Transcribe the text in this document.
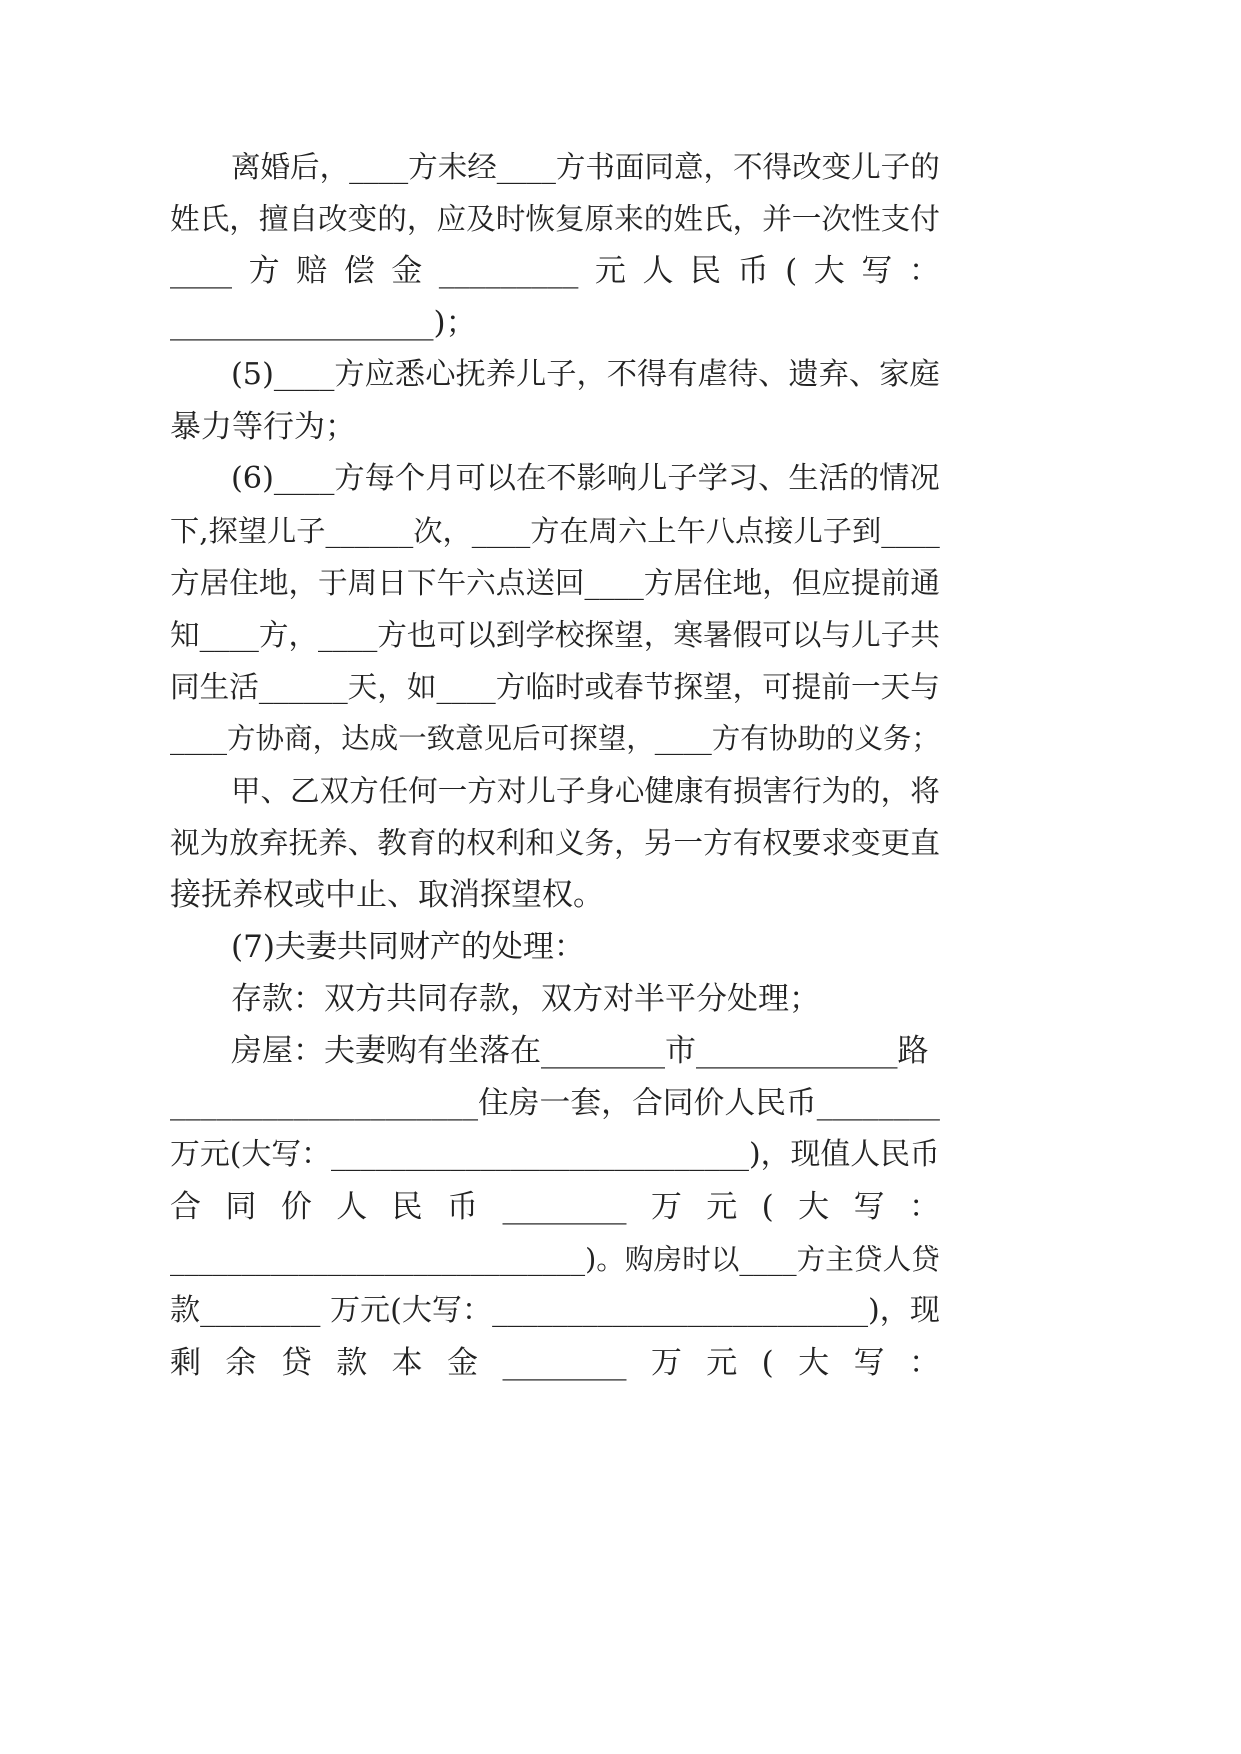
离婚后，____方未经____方书面同意，不得改变儿子的
姓氏，擅自改变的，应及时恢复原来的姓氏，并一次性支付
____ 方 赔 偿 金 _________ 元 人 民 币 ( 大 写 ：
_________________)；
(5)____方应悉心抚养儿子，不得有虐待、遗弃、家庭
暴力等行为；
(6)____方每个月可以在不影响儿子学习、生活的情况
下,探望儿子______次，____方在周六上午八点接儿子到____
方居住地，于周日下午六点送回____方居住地，但应提前通
知____方，____方也可以到学校探望，寒暑假可以与儿子共
同生活______天，如____方临时或春节探望，可提前一天与
____方协商，达成一致意见后可探望，____方有协助的义务；
甲、乙双方任何一方对儿子身心健康有损害行为的，将
视为放弃抚养、教育的权利和义务，另一方有权要求变更直
接抚养权或中止、取消探望权。
(7)夫妻共同财产的处理：
存款：双方共同存款，双方对半平分处理；
房屋：夫妻购有坐落在________市_____________路
____________________住房一套，合同价人民币________
万元(大写：____________________________)，现值人民币
合 同 价 人 民 币 ________ 万 元 ( 大 写 ：
_____________________________)。购房时以____方主贷人贷
款________ 万元(大写：_________________________)，现
剩 余 贷 款 本 金 ________ 万 元 ( 大 写 ：
